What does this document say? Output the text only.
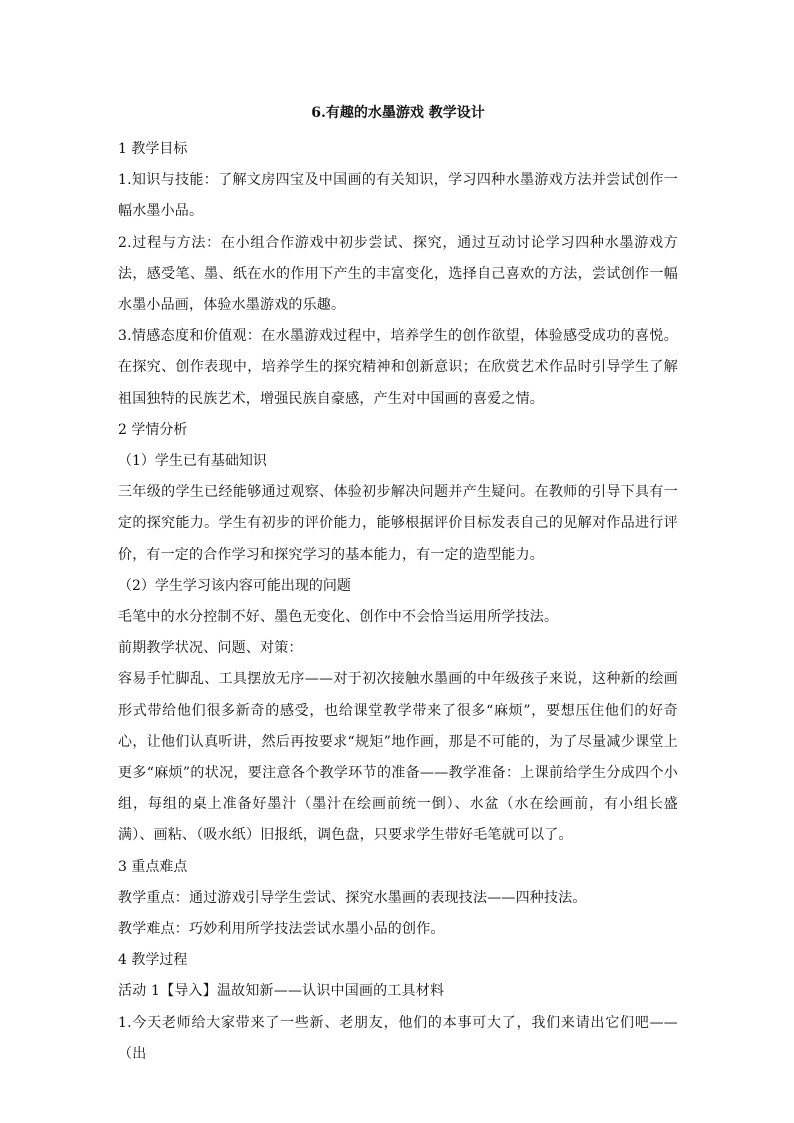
6.有趣的水墨游戏 教学设计

1 教学目标

1.知识与技能：了解文房四宝及中国画的有关知识，学习四种水墨游戏方法并尝试创作一幅水墨小品。

2.过程与方法：在小组合作游戏中初步尝试、探究，通过互动讨论学习四种水墨游戏方法，感受笔、墨、纸在水的作用下产生的丰富变化，选择自己喜欢的方法，尝试创作一幅水墨小品画，体验水墨游戏的乐趣。

3.情感态度和价值观：在水墨游戏过程中，培养学生的创作欲望，体验感受成功的喜悦。在探究、创作表现中，培养学生的探究精神和创新意识；在欣赏艺术作品时引导学生了解祖国独特的民族艺术，增强民族自豪感，产生对中国画的喜爱之情。

2 学情分析

（1）学生已有基础知识

三年级的学生已经能够通过观察、体验初步解决问题并产生疑问。在教师的引导下具有一定的探究能力。学生有初步的评价能力，能够根据评价目标发表自己的见解对作品进行评价，有一定的合作学习和探究学习的基本能力，有一定的造型能力。

（2）学生学习该内容可能出现的问题

毛笔中的水分控制不好、墨色无变化、创作中不会恰当运用所学技法。

前期教学状况、问题、对策：

容易手忙脚乱、工具摆放无序——对于初次接触水墨画的中年级孩子来说，这种新的绘画形式带给他们很多新奇的感受，也给课堂教学带来了很多“麻烦”，要想压住他们的好奇心，让他们认真听讲，然后再按要求“规矩”地作画，那是不可能的，为了尽量减少课堂上更多“麻烦”的状况，要注意各个教学环节的准备——教学准备：上课前给学生分成四个小组，每组的桌上准备好墨汁（墨汁在绘画前统一倒）、水盆（水在绘画前，有小组长盛满）、画粘、（吸水纸）旧报纸，调色盘，只要求学生带好毛笔就可以了。

3 重点难点

教学重点：通过游戏引导学生尝试、探究水墨画的表现技法——四种技法。

教学难点：巧妙利用所学技法尝试水墨小品的创作。

4 教学过程

活动 1【导入】温故知新——认识中国画的工具材料

1.今天老师给大家带来了一些新、老朋友，他们的本事可大了，我们来请出它们吧——（出
